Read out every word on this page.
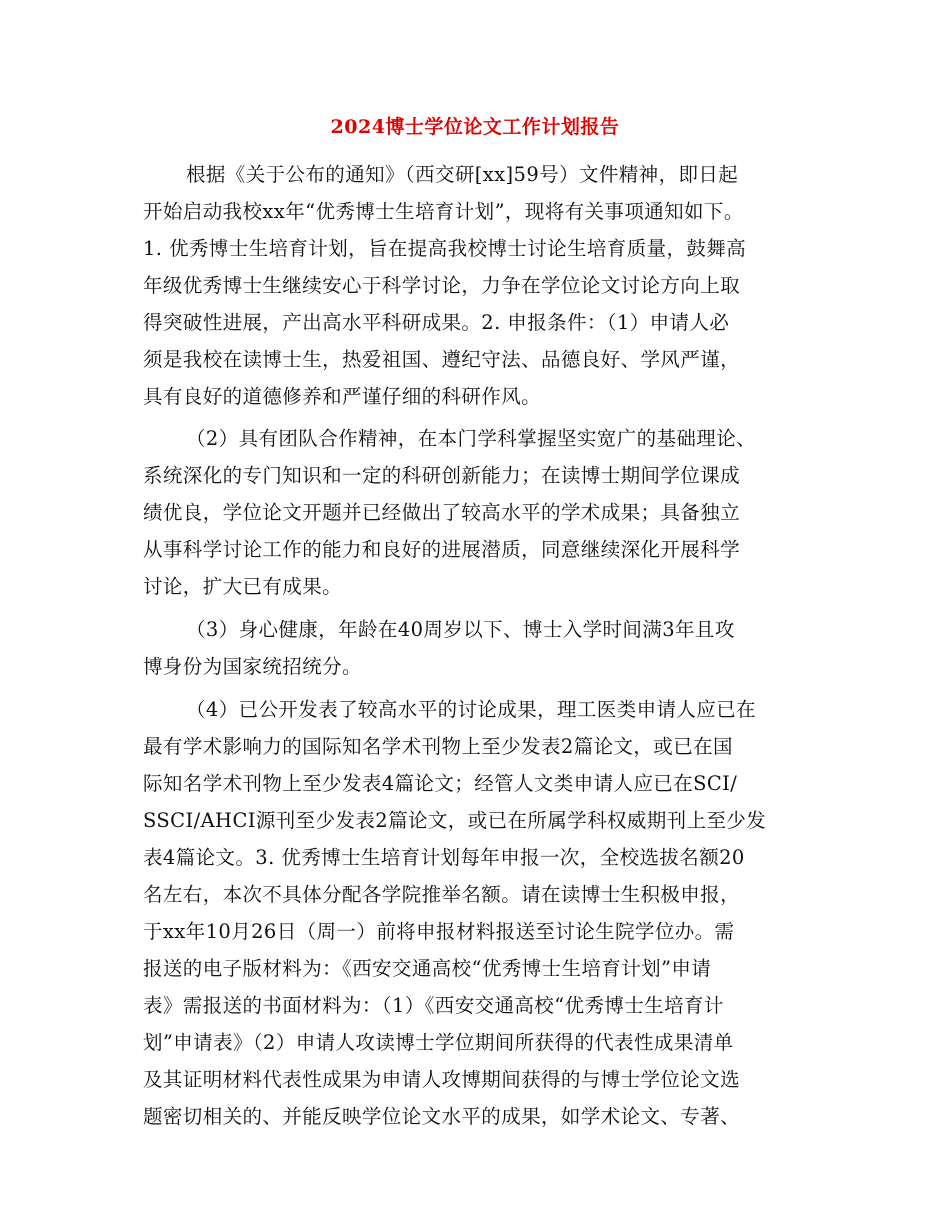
2024博士学位论文工作计划报告
根据《关于公布的通知》（西交研[xx]59号）文件精神，即日起
开始启动我校xx年“优秀博士生培育计划”，现将有关事项通知如下。
1. 优秀博士生培育计划，旨在提高我校博士讨论生培育质量，鼓舞高
年级优秀博士生继续安心于科学讨论，力争在学位论文讨论方向上取
得突破性进展，产出高水平科研成果。2. 申报条件：（1）申请人必
须是我校在读博士生，热爱祖国、遵纪守法、品德良好、学风严谨，
具有良好的道德修养和严谨仔细的科研作风。
（2）具有团队合作精神，在本门学科掌握坚实宽广的基础理论、
系统深化的专门知识和一定的科研创新能力；在读博士期间学位课成
绩优良，学位论文开题并已经做出了较高水平的学术成果；具备独立
从事科学讨论工作的能力和良好的进展潜质，同意继续深化开展科学
讨论，扩大已有成果。
（3）身心健康，年龄在40周岁以下、博士入学时间满3年且攻
博身份为国家统招统分。
（4）已公开发表了较高水平的讨论成果，理工医类申请人应已在
最有学术影响力的国际知名学术刊物上至少发表2篇论文，或已在国
际知名学术刊物上至少发表4篇论文；经管人文类申请人应已在SCI/
SSCI/AHCI源刊至少发表2篇论文，或已在所属学科权威期刊上至少发
表4篇论文。3. 优秀博士生培育计划每年申报一次，全校选拔名额20
名左右，本次不具体分配各学院推举名额。请在读博士生积极申报，
于xx年10月26日（周一）前将申报材料报送至讨论生院学位办。需
报送的电子版材料为：《西安交通高校“优秀博士生培育计划”申请
表》需报送的书面材料为：（1）《西安交通高校“优秀博士生培育计
划”申请表》（2）申请人攻读博士学位期间所获得的代表性成果清单
及其证明材料代表性成果为申请人攻博期间获得的与博士学位论文选
题密切相关的、并能反映学位论文水平的成果，如学术论文、专著、
